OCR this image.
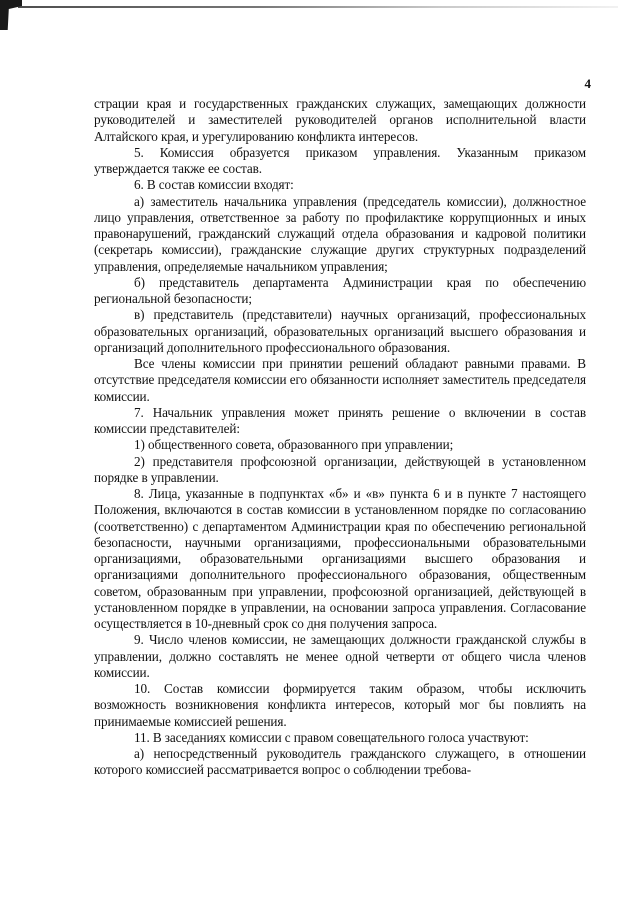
4

страции края и государственных гражданских служащих, замещающих должности руководителей и заместителей руководителей органов исполнительной власти Алтайского края, и урегулированию конфликта интересов.

5. Комиссия образуется приказом управления. Указанным приказом утверждается также ее состав.

6. В состав комиссии входят:

а) заместитель начальника управления (председатель комиссии), должностное лицо управления, ответственное за работу по профилактике коррупционных и иных правонарушений, гражданский служащий отдела образования и кадровой политики (секретарь комиссии), гражданские служащие других структурных подразделений управления, определяемые начальником управления;

б) представитель департамента Администрации края по обеспечению региональной безопасности;

в) представитель (представители) научных организаций, профессиональных образовательных организаций, образовательных организаций высшего образования и организаций дополнительного профессионального образования.

Все члены комиссии при принятии решений обладают равными правами. В отсутствие председателя комиссии его обязанности исполняет заместитель председателя комиссии.

7. Начальник управления может принять решение о включении в состав комиссии представителей:

1) общественного совета, образованного при управлении;

2) представителя профсоюзной организации, действующей в установленном порядке в управлении.

8. Лица, указанные в подпунктах «б» и «в» пункта 6 и в пункте 7 настоящего Положения, включаются в состав комиссии в установленном порядке по согласованию (соответственно) с департаментом Администрации края по обеспечению региональной безопасности, научными организациями, профессиональными образовательными организациями, образовательными организациями высшего образования и организациями дополнительного профессионального образования, общественным советом, образованным при управлении, профсоюзной организацией, действующей в установленном порядке в управлении, на основании запроса управления. Согласование осуществляется в 10-дневный срок со дня получения запроса.

9. Число членов комиссии, не замещающих должности гражданской службы в управлении, должно составлять не менее одной четверти от общего числа членов комиссии.

10. Состав комиссии формируется таким образом, чтобы исключить возможность возникновения конфликта интересов, который мог бы повлиять на принимаемые комиссией решения.

11. В заседаниях комиссии с правом совещательного голоса участвуют:

а) непосредственный руководитель гражданского служащего, в отношении которого комиссией рассматривается вопрос о соблюдении требова-
